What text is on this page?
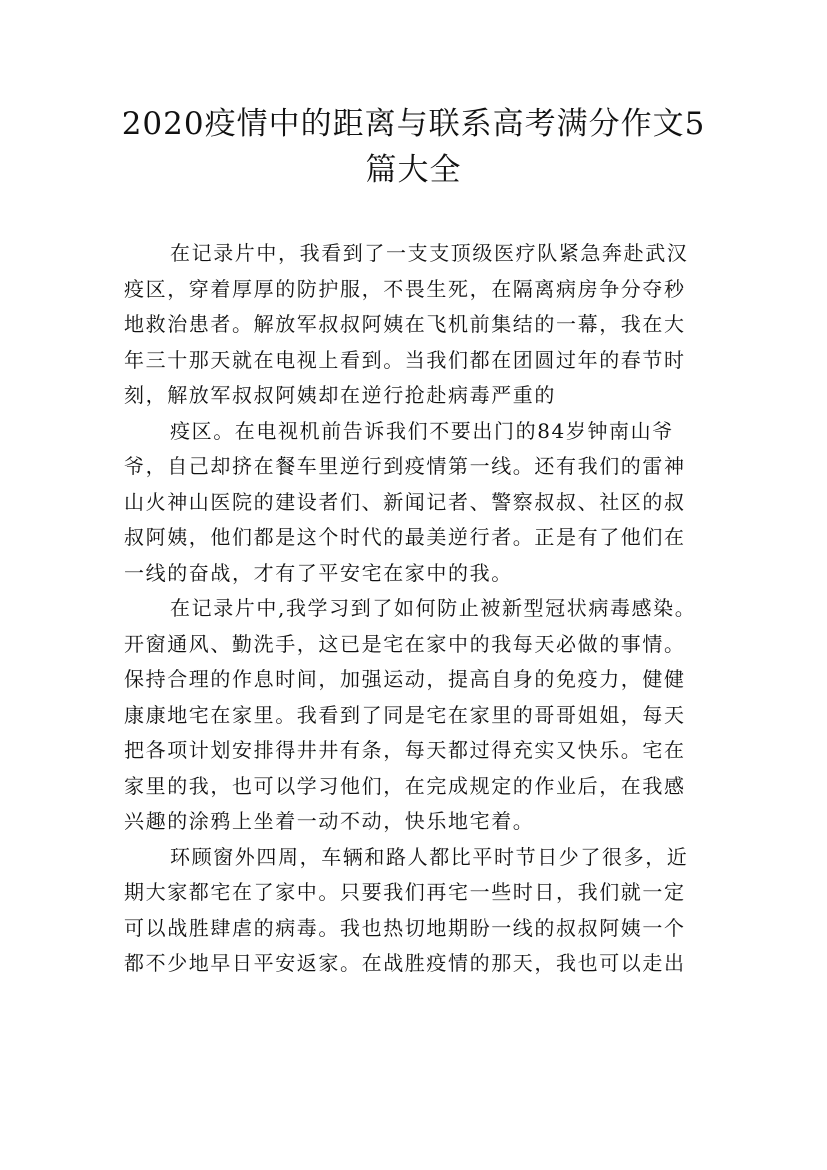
2020疫情中的距离与联系高考满分作文5
篇大全

在记录片中，我看到了一支支顶级医疗队紧急奔赴武汉
疫区，穿着厚厚的防护服，不畏生死，在隔离病房争分夺秒
地救治患者。解放军叔叔阿姨在飞机前集结的一幕，我在大
年三十那天就在电视上看到。当我们都在团圆过年的春节时
刻，解放军叔叔阿姨却在逆行抢赴病毒严重的

疫区。在电视机前告诉我们不要出门的84岁钟南山爷
爷，自己却挤在餐车里逆行到疫情第一线。还有我们的雷神
山火神山医院的建设者们、新闻记者、警察叔叔、社区的叔
叔阿姨，他们都是这个时代的最美逆行者。正是有了他们在
一线的奋战，才有了平安宅在家中的我。

在记录片中,我学习到了如何防止被新型冠状病毒感染。
开窗通风、勤洗手，这已是宅在家中的我每天必做的事情。
保持合理的作息时间，加强运动，提高自身的免疫力，健健
康康地宅在家里。我看到了同是宅在家里的哥哥姐姐，每天
把各项计划安排得井井有条，每天都过得充实又快乐。宅在
家里的我，也可以学习他们，在完成规定的作业后，在我感
兴趣的涂鸦上坐着一动不动，快乐地宅着。

环顾窗外四周，车辆和路人都比平时节日少了很多，近
期大家都宅在了家中。只要我们再宅一些时日，我们就一定
可以战胜肆虐的病毒。我也热切地期盼一线的叔叔阿姨一个
都不少地早日平安返家。在战胜疫情的那天，我也可以走出
